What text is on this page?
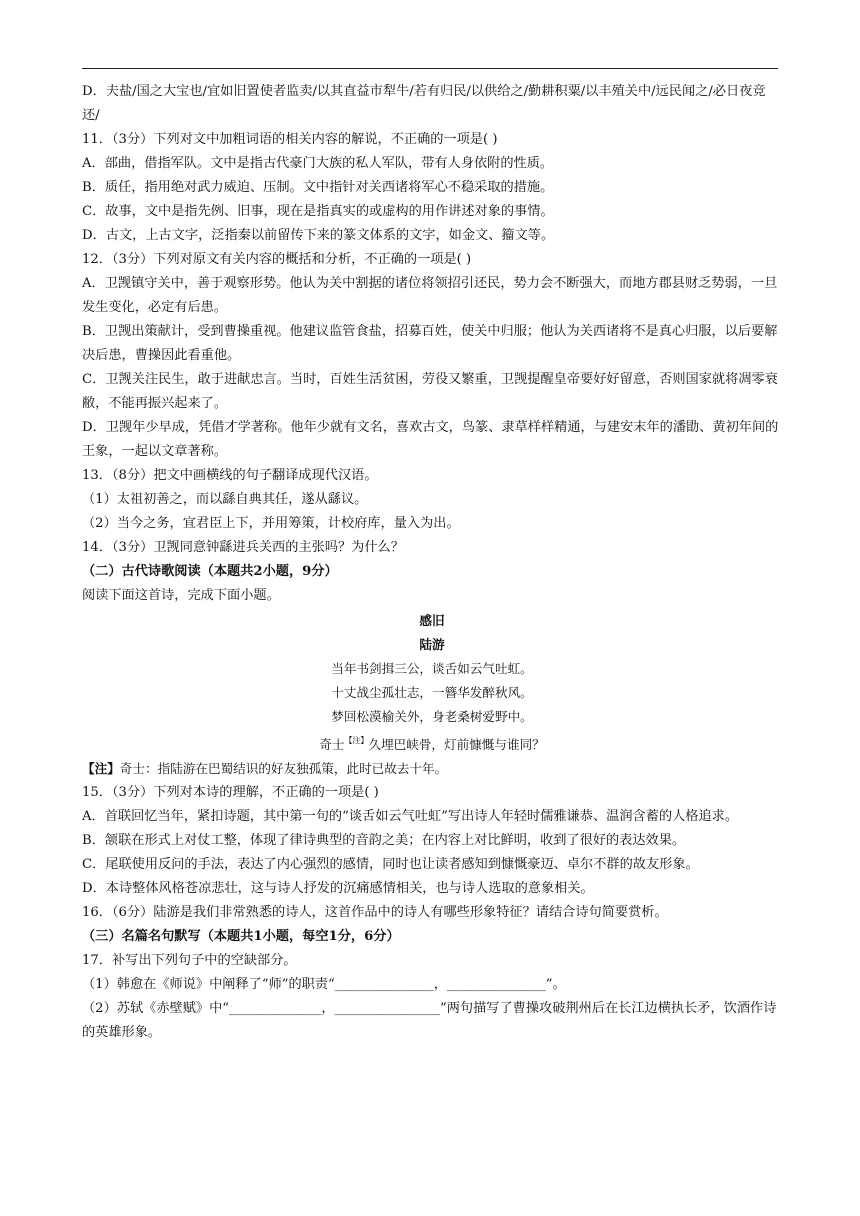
D．夫盐/国之大宝也/宜如旧置使者监卖/以其直益市犁牛/若有归民/以供给之/勤耕积粟/以丰殖关中/远民闻之/必日夜竞还/

11．（3分）下列对文中加粗词语的相关内容的解说，不正确的一项是( )

A．部曲，借指军队。文中是指古代豪门大族的私人军队，带有人身依附的性质。

B．质任，指用绝对武力威迫、压制。文中指针对关西诸将军心不稳采取的措施。

C．故事，文中是指先例、旧事，现在是指真实的或虚构的用作讲述对象的事情。

D．古文，上古文字，泛指秦以前留传下来的篆文体系的文字，如金文、籀文等。

12．（3分）下列对原文有关内容的概括和分析，不正确的一项是( )

A．卫觊镇守关中，善于观察形势。他认为关中割据的诸位将领招引还民，势力会不断强大，而地方郡县财乏势弱，一旦发生变化，必定有后患。

B．卫觊出策献计，受到曹操重视。他建议监管食盐，招募百姓，使关中归服；他认为关西诸将不是真心归服，以后要解决后患，曹操因此看重他。

C．卫觊关注民生，敢于进献忠言。当时，百姓生活贫困，劳役又繁重，卫觊提醒皇帝要好好留意，否则国家就将凋零衰敝，不能再振兴起来了。

D．卫觊年少早成，凭借才学著称。他年少就有文名，喜欢古文，鸟篆、隶草样样精通，与建安末年的潘勖、黄初年间的王象，一起以文章著称。

13．（8分）把文中画横线的句子翻译成现代汉语。

（1）太祖初善之，而以繇自典其任，遂从繇议。

（2）当今之务，宜君臣上下，并用筹策，计校府库，量入为出。

14．（3分）卫觊同意钟繇进兵关西的主张吗？为什么？

（二）古代诗歌阅读（本题共2小题，9分）

阅读下面这首诗，完成下面小题。

感旧

陆游

当年书剑揖三公，谈舌如云气吐虹。

十丈战尘孤壮志，一簪华发醉秋风。

梦回松漠榆关外，身老桑树爱野中。

奇士$^{【注】}$久埋巴峡骨，灯前慷慨与谁同？

【注】奇士：指陆游在巴蜀结识的好友独孤策，此时已故去十年。

15．（3分）下列对本诗的理解，不正确的一项是( )

A．首联回忆当年，紧扣诗题，其中第一句的“谈舌如云气吐虹”写出诗人年轻时儒雅谦恭、温润含蓄的人格追求。

B．颔联在形式上对仗工整，体现了律诗典型的音韵之美；在内容上对比鲜明，收到了很好的表达效果。

C．尾联使用反问的手法，表达了内心强烈的感情，同时也让读者感知到慷慨豪迈、卓尔不群的故友形象。

D．本诗整体风格苍凉悲壮，这与诗人抒发的沉痛感情相关，也与诗人选取的意象相关。

16．（6分）陆游是我们非常熟悉的诗人，这首作品中的诗人有哪些形象特征？请结合诗句简要赏析。

（三）名篇名句默写（本题共1小题，每空1分，6分）

17．补写出下列句子中的空缺部分。

（1）韩愈在《师说》中阐释了“师”的职责“_______________，_______________”。

（2）苏轼《赤壁赋》中“______________，________________”两句描写了曹操攻破荆州后在长江边横执长矛，饮酒作诗的英雄形象。
